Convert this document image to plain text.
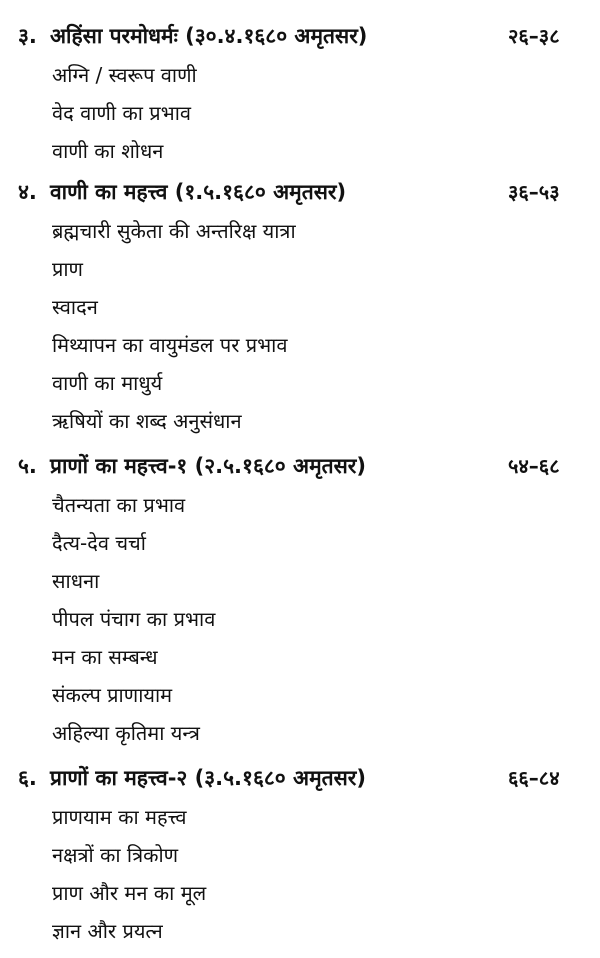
३. अहिंसा परमोधर्मः (३०.४.१६८० अमृतसर)	२६–३८
अग्नि / स्वरूप वाणी
वेद वाणी का प्रभाव
वाणी का शोधन
४. वाणी का महत्त्व (१.५.१६८० अमृतसर)	३६–५३
ब्रह्मचारी सुकेता की अन्तरिक्ष यात्रा
प्राण
स्वादन
मिथ्यापन का वायुमंडल पर प्रभाव
वाणी का माधुर्य
ऋषियों का शब्द अनुसंधान
५. प्राणों का महत्त्व-१ (२.५.१६८० अमृतसर)	५४–६८
चैतन्यता का प्रभाव
दैत्य-देव चर्चा
साधना
पीपल पंचाग का प्रभाव
मन का सम्बन्ध
संकल्प प्राणायाम
अहिल्या कृतिमा यन्त्र
६. प्राणों का महत्त्व-२ (३.५.१६८० अमृतसर)	६६–८४
प्राणयाम का महत्त्व
नक्षत्रों का त्रिकोण
प्राण और मन का मूल
ज्ञान और प्रयत्न
